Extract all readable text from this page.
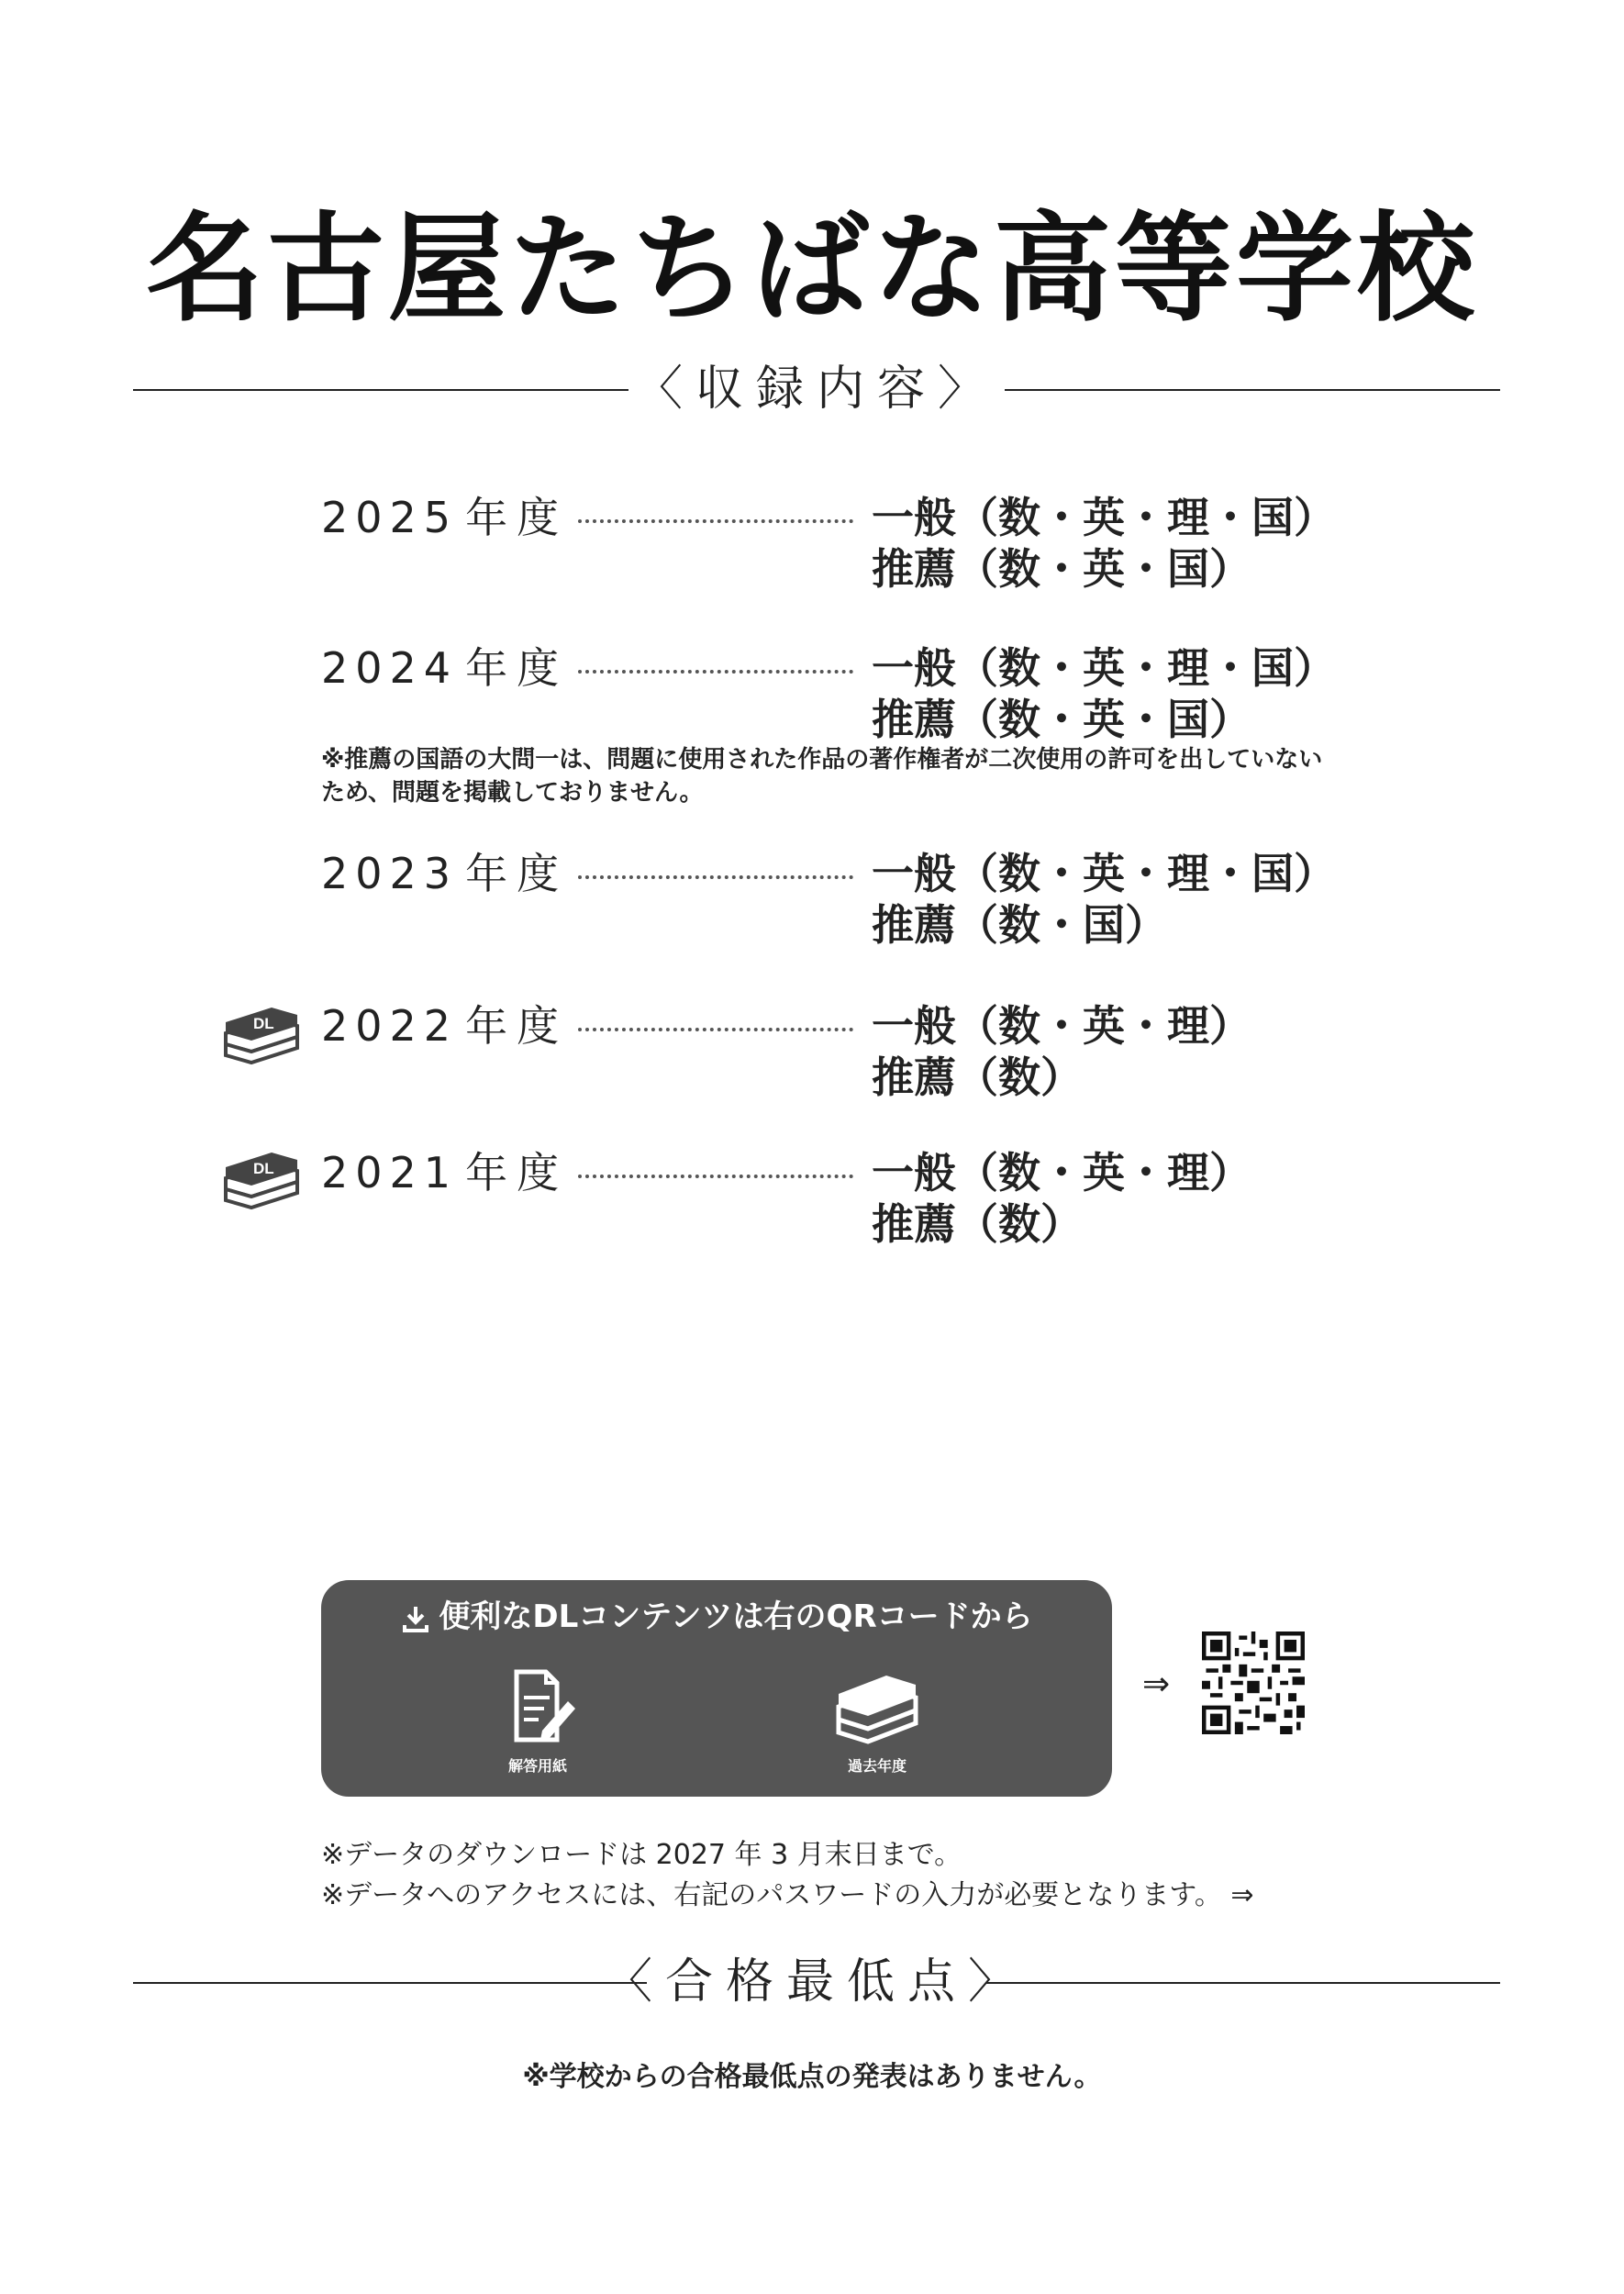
名古屋たちばな高等学校
〈収録内容〉
2025 年度	一般（数・英・理・国）
推薦（数・英・国）
2024 年度	一般（数・英・理・国）
推薦（数・英・国）
※推薦の国語の大問一は、問題に使用された作品の著作権者が二次使用の許可を出していないため、問題を掲載しておりません。
2023 年度	一般（数・英・理・国）
推薦（数・国）
DL 2022 年度	一般（数・英・理）
推薦（数）
DL 2021 年度	一般（数・英・理）
推薦（数）
便利なDLコンテンツは右のQRコードから
解答用紙	過去年度
⇒
※データのダウンロードは 2027 年 3 月末日まで。
※データへのアクセスには、右記のパスワードの入力が必要となります。 ⇒
〈合格最低点〉
※学校からの合格最低点の発表はありません。
